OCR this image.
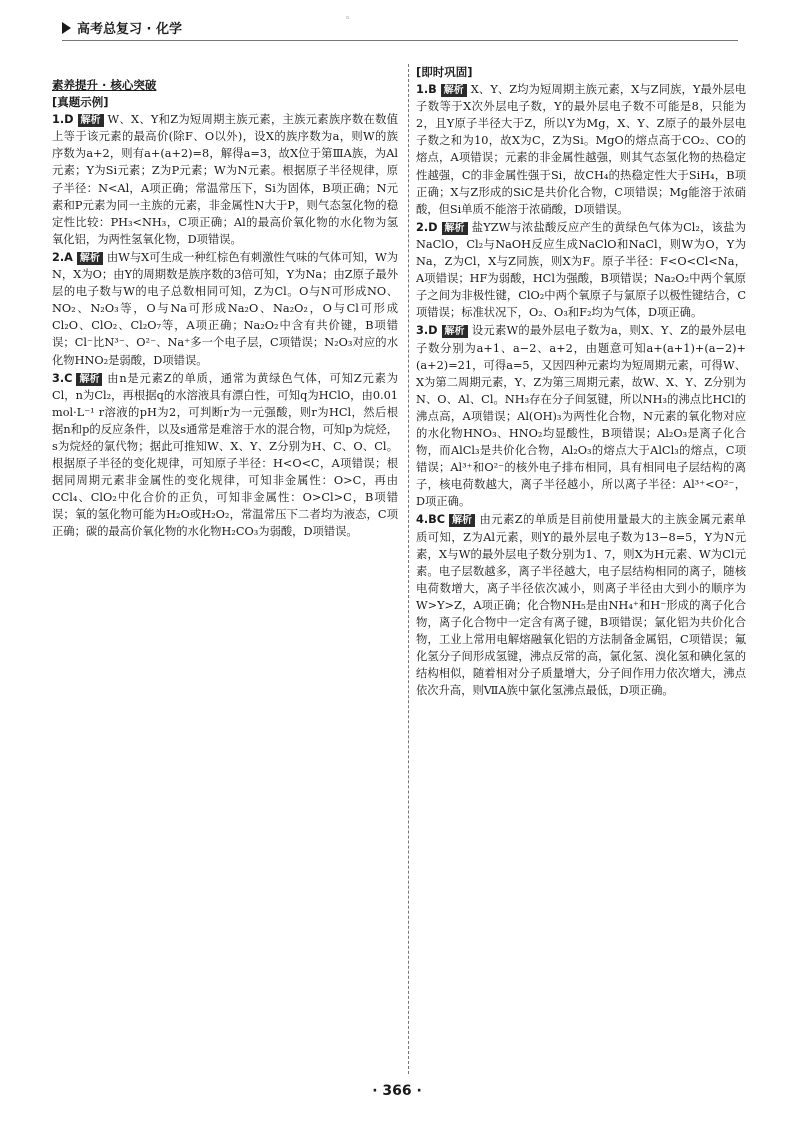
高考总复习 · 化学
◦
素养提升 · 核心突破
[真题示例]
1.D 解析 W、X、Y和Z为短周期主族元素，主族元素族序数在数值上等于该元素的最高价(除F、O以外)，设X的族序数为a，则W的族序数为a+2，则有a+(a+2)=8，解得a=3，故X位于第ⅢA族，为Al元素；Y为Si元素；Z为P元素；W为N元素。根据原子半径规律，原子半径：N<Al，A项正确；常温常压下，Si为固体，B项正确；N元素和P元素为同一主族的元素，非金属性N大于P，则气态氢化物的稳定性比较：PH₃<NH₃，C项正确；Al的最高价氧化物的水化物为氢氧化铝，为两性氢氧化物，D项错误。
2.A 解析 由W与X可生成一种红棕色有刺激性气味的气体可知，W为N，X为O；由Y的周期数是族序数的3倍可知，Y为Na；由Z原子最外层的电子数与W的电子总数相同可知，Z为Cl。O与N可形成NO、NO₂、N₂O₃等，O与Na可形成Na₂O、Na₂O₂，O与Cl可形成Cl₂O、ClO₂、Cl₂O₇等，A项正确；Na₂O₂中含有共价键，B项错误；Cl⁻比N³⁻、O²⁻、Na⁺多一个电子层，C项错误；N₂O₃对应的水化物HNO₂是弱酸，D项错误。
3.C 解析 由n是元素Z的单质，通常为黄绿色气体，可知Z元素为Cl，n为Cl₂，再根据q的水溶液具有漂白性，可知q为HClO，由0.01 mol·L⁻¹ r溶液的pH为2，可判断r为一元强酸，则r为HCl，然后根据n和p的反应条件，以及s通常是难溶于水的混合物，可知p为烷烃，s为烷烃的氯代物；据此可推知W、X、Y、Z分别为H、C、O、Cl。根据原子半径的变化规律，可知原子半径：H<O<C，A项错误；根据同周期元素非金属性的变化规律，可知非金属性：O>C，再由CCl₄、ClO₂中化合价的正负，可知非金属性：O>Cl>C，B项错误；氧的氢化物可能为H₂O或H₂O₂，常温常压下二者均为液态，C项正确；碳的最高价氧化物的水化物H₂CO₃为弱酸，D项错误。
[即时巩固]
1.B 解析 X、Y、Z均为短周期主族元素，X与Z同族，Y最外层电子数等于X次外层电子数，Y的最外层电子数不可能是8，只能为2，且Y原子半径大于Z，所以Y为Mg，X、Y、Z原子的最外层电子数之和为10，故X为C，Z为Si。MgO的熔点高于CO₂、CO的熔点，A项错误；元素的非金属性越强，则其气态氢化物的热稳定性越强，C的非金属性强于Si，故CH₄的热稳定性大于SiH₄，B项正确；X与Z形成的SiC是共价化合物，C项错误；Mg能溶于浓硝酸，但Si单质不能溶于浓硝酸，D项错误。
2.D 解析 盐YZW与浓盐酸反应产生的黄绿色气体为Cl₂，该盐为NaClO，Cl₂与NaOH反应生成NaClO和NaCl，则W为O，Y为Na，Z为Cl，X与Z同族，则X为F。原子半径：F<O<Cl<Na，A项错误；HF为弱酸，HCl为强酸，B项错误；Na₂O₂中两个氧原子之间为非极性键，ClO₂中两个氧原子与氯原子以极性键结合，C项错误；标准状况下，O₂、O₃和F₂均为气体，D项正确。
3.D 解析 设元素W的最外层电子数为a，则X、Y、Z的最外层电子数分别为a+1、a−2、a+2，由题意可知a+(a+1)+(a−2)+(a+2)=21，可得a=5，又因四种元素均为短周期元素，可得W、X为第二周期元素，Y、Z为第三周期元素，故W、X、Y、Z分别为N、O、Al、Cl。NH₃存在分子间氢键，所以NH₃的沸点比HCl的沸点高，A项错误；Al(OH)₃为两性化合物，N元素的氧化物对应的水化物HNO₃、HNO₂均显酸性，B项错误；Al₂O₃是离子化合物，而AlCl₃是共价化合物，Al₂O₃的熔点大于AlCl₃的熔点，C项错误；Al³⁺和O²⁻的核外电子排布相同，具有相同电子层结构的离子，核电荷数越大，离子半径越小，所以离子半径：Al³⁺<O²⁻，D项正确。
4.BC 解析 由元素Z的单质是目前使用量最大的主族金属元素单质可知，Z为Al元素，则Y的最外层电子数为13−8=5，Y为N元素，X与W的最外层电子数分别为1、7，则X为H元素、W为Cl元素。电子层数越多，离子半径越大，电子层结构相同的离子，随核电荷数增大，离子半径依次减小，则离子半径由大到小的顺序为W>Y>Z，A项正确；化合物NH₅是由NH₄⁺和H⁻形成的离子化合物，离子化合物中一定含有离子键，B项错误；氯化铝为共价化合物，工业上常用电解熔融氧化铝的方法制备金属铝，C项错误；氟化氢分子间形成氢键，沸点反常的高，氯化氢、溴化氢和碘化氢的结构相似，随着相对分子质量增大，分子间作用力依次增大，沸点依次升高，则ⅦA族中氯化氢沸点最低，D项正确。
· 366 ·
